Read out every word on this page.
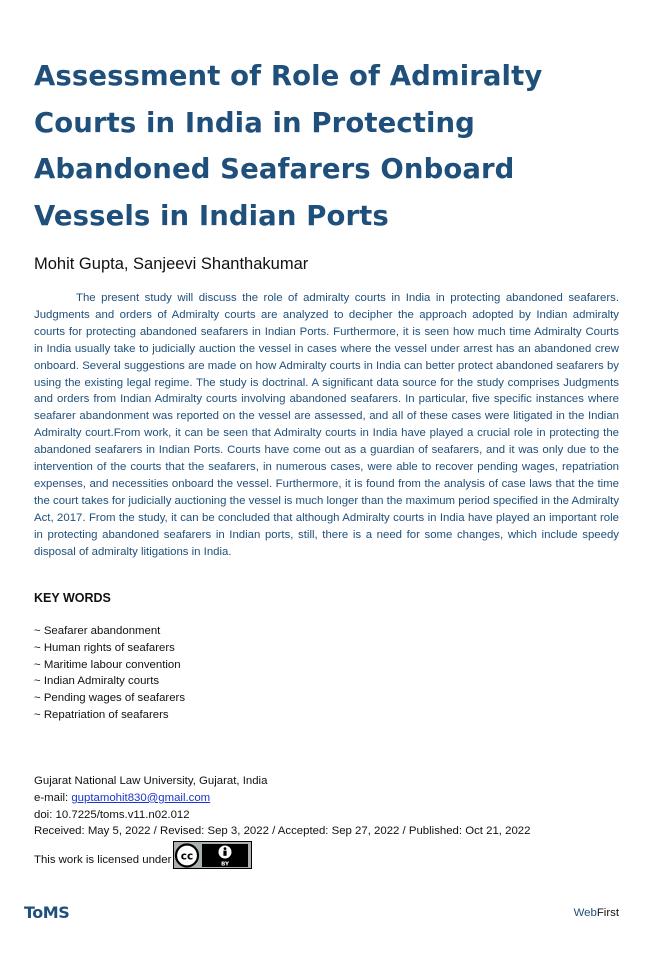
Assessment of Role of Admiralty Courts in India in Protecting Abandoned Seafarers Onboard Vessels in Indian Ports
Mohit Gupta, Sanjeevi Shanthakumar

The present study will discuss the role of admiralty courts in India in protecting abandoned seafarers. Judgments and orders of Admiralty courts are analyzed to decipher the approach adopted by Indian admiralty courts for protecting abandoned seafarers in Indian Ports. Furthermore, it is seen how much time Admiralty Courts in India usually take to judicially auction the vessel in cases where the vessel under arrest has an abandoned crew onboard. Several suggestions are made on how Admiralty courts in India can better protect abandoned seafarers by using the existing legal regime. The study is doctrinal. A significant data source for the study comprises Judgments and orders from Indian Admiralty courts involving abandoned seafarers. In particular, five specific instances where seafarer abandonment was reported on the vessel are assessed, and all of these cases were litigated in the Indian Admiralty court.From work, it can be seen that Admiralty courts in India have played a crucial role in protecting the abandoned seafarers in Indian Ports. Courts have come out as a guardian of seafarers, and it was only due to the intervention of the courts that the seafarers, in numerous cases, were able to recover pending wages, repatriation expenses, and necessities onboard the vessel. Furthermore, it is found from the analysis of case laws that the time the court takes for judicially auctioning the vessel is much longer than the maximum period specified in the Admiralty Act, 2017. From the study, it can be concluded that although Admiralty courts in India have played an important role in protecting abandoned seafarers in Indian ports, still, there is a need for some changes, which include speedy disposal of admiralty litigations in India.

KEY WORDS
~ Seafarer abandonment
~ Human rights of seafarers
~ Maritime labour convention
~ Indian Admiralty courts
~ Pending wages of seafarers
~ Repatriation of seafarers
Gujarat National Law University, Gujarat, India
e-mail: guptamohit830@gmail.com
doi: 10.7225/toms.v11.n02.012
Received: May 5, 2022 / Revised: Sep 3, 2022 / Accepted: Sep 27, 2022 / Published: Oct 21, 2022
This work is licensed under cc
BY
ToMS	WebFirst
